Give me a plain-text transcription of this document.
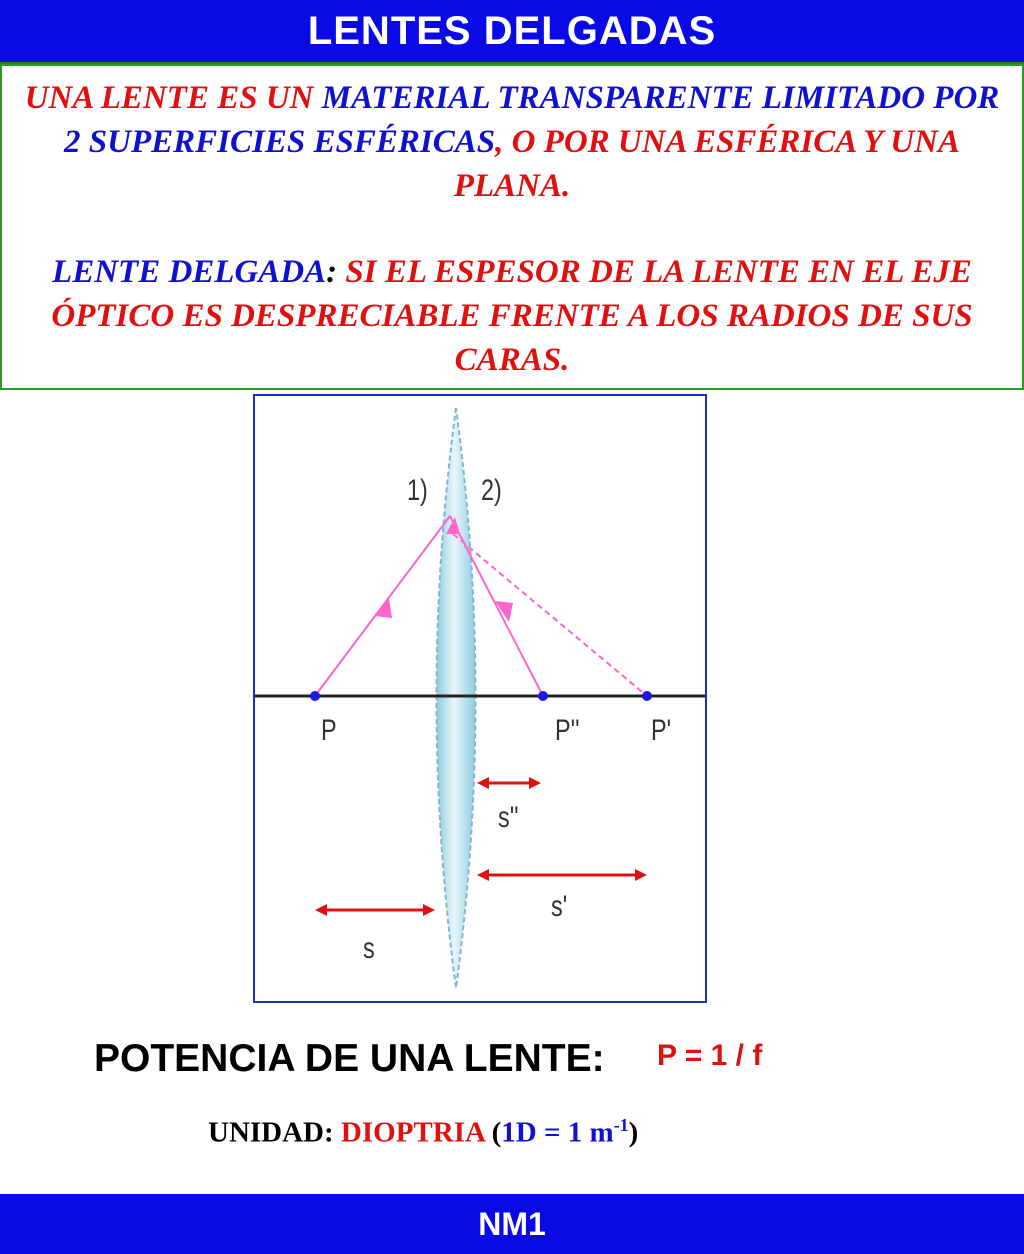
LENTES DELGADAS
UNA LENTE ES UN MATERIAL TRANSPARENTE LIMITADO POR 2 SUPERFICIES ESFÉRICAS, O POR UNA ESFÉRICA Y UNA PLANA.
LENTE DELGADA: SI EL ESPESOR DE LA LENTE EN EL EJE ÓPTICO ES DESPRECIABLE FRENTE A LOS RADIOS DE SUS CARAS.
1) 2)
P	P'' P'
s''
s'
s
POTENCIA DE UNA LENTE: P = 1 / f
UNIDAD: DIOPTRIA (1D = 1 $m^{-1}$)
NM1
